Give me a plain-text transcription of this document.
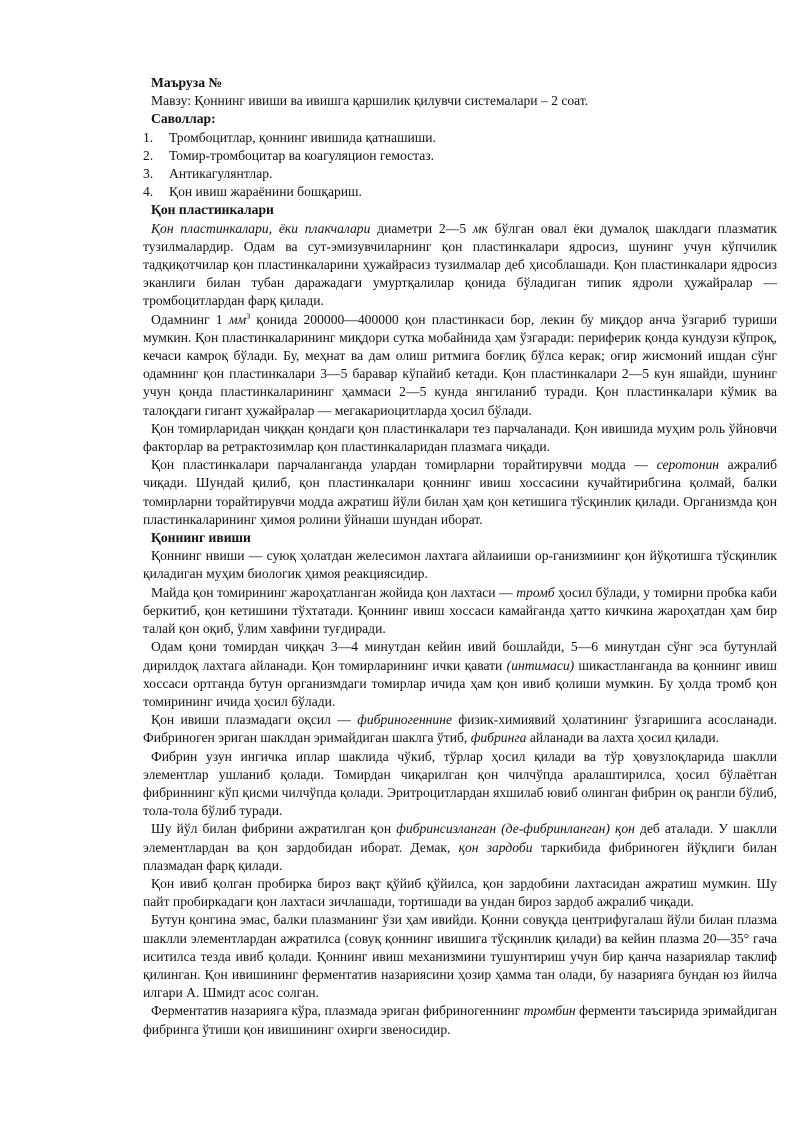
Маъруза №
Мавзу: Қоннинг ивиши ва ивишга қаршилик қилувчи системалари – 2 соат.
Саволлар:
1.	Тромбоцитлар, қоннинг ивишида қатнашиши.
2.	Томир-тромбоцитар ва коагуляцион гемостаз.
3.	Антикагулянтлар.
4.	Қон ивиш жараёнини бошқариш.
Қон пластинкалари

Қон пластинкалари, ёки плакчалари диаметри 2—5 мк бўлган овал ёки думалоқ шаклдаги плазматик тузилмалардир. Одам ва сут-эмизувчиларнинг қон пластинкалари ядросиз, шунинг учун кўпчилик тадқиқотчилар қон пластинкаларини ҳужайрасиз тузилмалар деб ҳисоблашади. Қон пластинкалари ядросиз эканлиги билан тубан даражадаги умуртқалилар қонида бўладиган типик ядроли ҳужайралар — тромбоцитлардан фарқ қилади.

Одамнинг 1 $мм^3$ қонида 200000—400000 қон пластинкаси бор, лекин бу миқдор анча ўзгариб туриши мумкин. Қон пластинкаларининг миқдори сутка мобайнида ҳам ўзгаради: периферик қонда кундузи кўпроқ, кечаси камроқ бўлади. Бу, меҳнат ва дам олиш ритмига боғлиқ бўлса керак; оғир жисмоний ишдан сўнг одамнинг қон пластинкалари 3—5 баравар кўпайиб кетади. Қон пластинкалари 2—5 кун яшайди, шунинг учун қонда пластинкаларининг ҳаммаси 2—5 кунда янгиланиб туради. Қон пластинкалари кўмик ва талоқдаги гигант ҳужайралар — мегакариоцитлардa ҳосил бўлади.

Қон томирларидан чиққан қондаги қон пластинкалари тез парчаланади. Қон ивишида муҳим роль ўйновчи факторлар ва ретрактозимлар қон пластинкаларидан плазмага чиқади.

Қон пластинкалари парчаланганда улардан томирларни торайтирувчи модда — серотонин ажралиб чиқади. Шундай қилиб, қон пластинкалари қоннинг ивиш хоссасини кучайтирибгина қолмай, балки томирларни торайтирувчи модда ажратиш йўли билан ҳам қон кетишига тўсқинлик қилади. Организмда қон пластинкаларининг ҳимоя ролини ўйнаши шундан иборат.

Қоннинг ивиши

Қоннинг нвиши — суюқ ҳолатдан желесимон лахтага айлаииши ор-ганизмиинг қон йўқотишга тўсқинлик қиладиган муҳим биологик ҳимоя реакциясидир.

Майда қон томирининг жароҳатланган жойида қон лахтаси — тромб ҳосил бўлади, у томирни пробка каби беркитиб, қон кетишини тўхтатади. Қоннинг ивиш хоссаси камайганда ҳатто кичкина жароҳатдан ҳам бир талай қон оқиб, ўлим хавфини туғдиради.

Одам қони томирдан чиққач 3—4 минутдан кейин ивий бошлайди, 5—6 минутдан сўнг эса бутунлай дирилдоқ лахтага айланади. Қон томирларининг ички қавати (интимаси) шикастланганда ва қоннинг ивиш хоссаси ортганда бутун организмдаги томирлар ичида ҳам қон ивиб қолиши мумкин. Бу ҳолда тромб қон томирининг ичида ҳосил бўлади.

Қон ивиши плазмадаги оқсил — фибриногеннинe физик-химиявий ҳолатининг ўзгаришига асосланади. Фибриноген эриган шаклдан эримайдиган шаклга ўтиб, фибринга айланади ва лахта ҳосил қилади.

Фибрин узун ингичка иплар шаклида чўкиб, тўрлар ҳосил қилади ва тўр ҳовузлоқларида шаклли элементлар ушланиб қолади. Томирдан чиқарилган қон чилчўпда аралаштирилса, ҳосил бўлаётган фибриннинг кўп қисми чилчўпда қолади. Эритроцитлардан яхшилаб ювиб олинган фибрин оқ рангли бўлиб, тола-тола бўлиб туради.

Шу йўл билан фибрини ажратилган қон фибринсизланган (де-фибринланган) қон деб аталади. У шаклли элементлардан ва қон зардобидан иборат. Демак, қон зардоби таркибида фибриноген йўқлиги билан плазмадан фарқ қилади.

Қон ивиб қолган пробирка бироз вақт қўйиб қўйилса, қон зардобини лахтасидан ажратиш мумкин. Шу пайт пробиркадаги қон лахтаси зичлашади, тортишади ва ундан бироз зардоб ажралиб чиқади.

Бутун қонгина эмас, балки плазманинг ўзи ҳам ивийди. Қонни совуқда центрифугалаш йўли билан плазма шаклли элементлардан ажратилса (совуқ қоннинг ивишига тўсқинлик қилади) ва кейин плазма 20—35° гача иситилса тезда ивиб қолади. Қоннинг ивиш механизмини тушунтириш учун бир қанча назариялар таклиф қилинган. Қон ивишининг ферментатив назариясини ҳозир ҳамма тан олади, бу назарияга бундан юз йилча илгари А. Шмидт асос солган.

Ферментатив назарияга кўра, плазмада эриган фибриногеннинг тромбин ферменти таъсирида эримайдиган фибринга ўтиши қон ивишининг охирги звеносидир.
